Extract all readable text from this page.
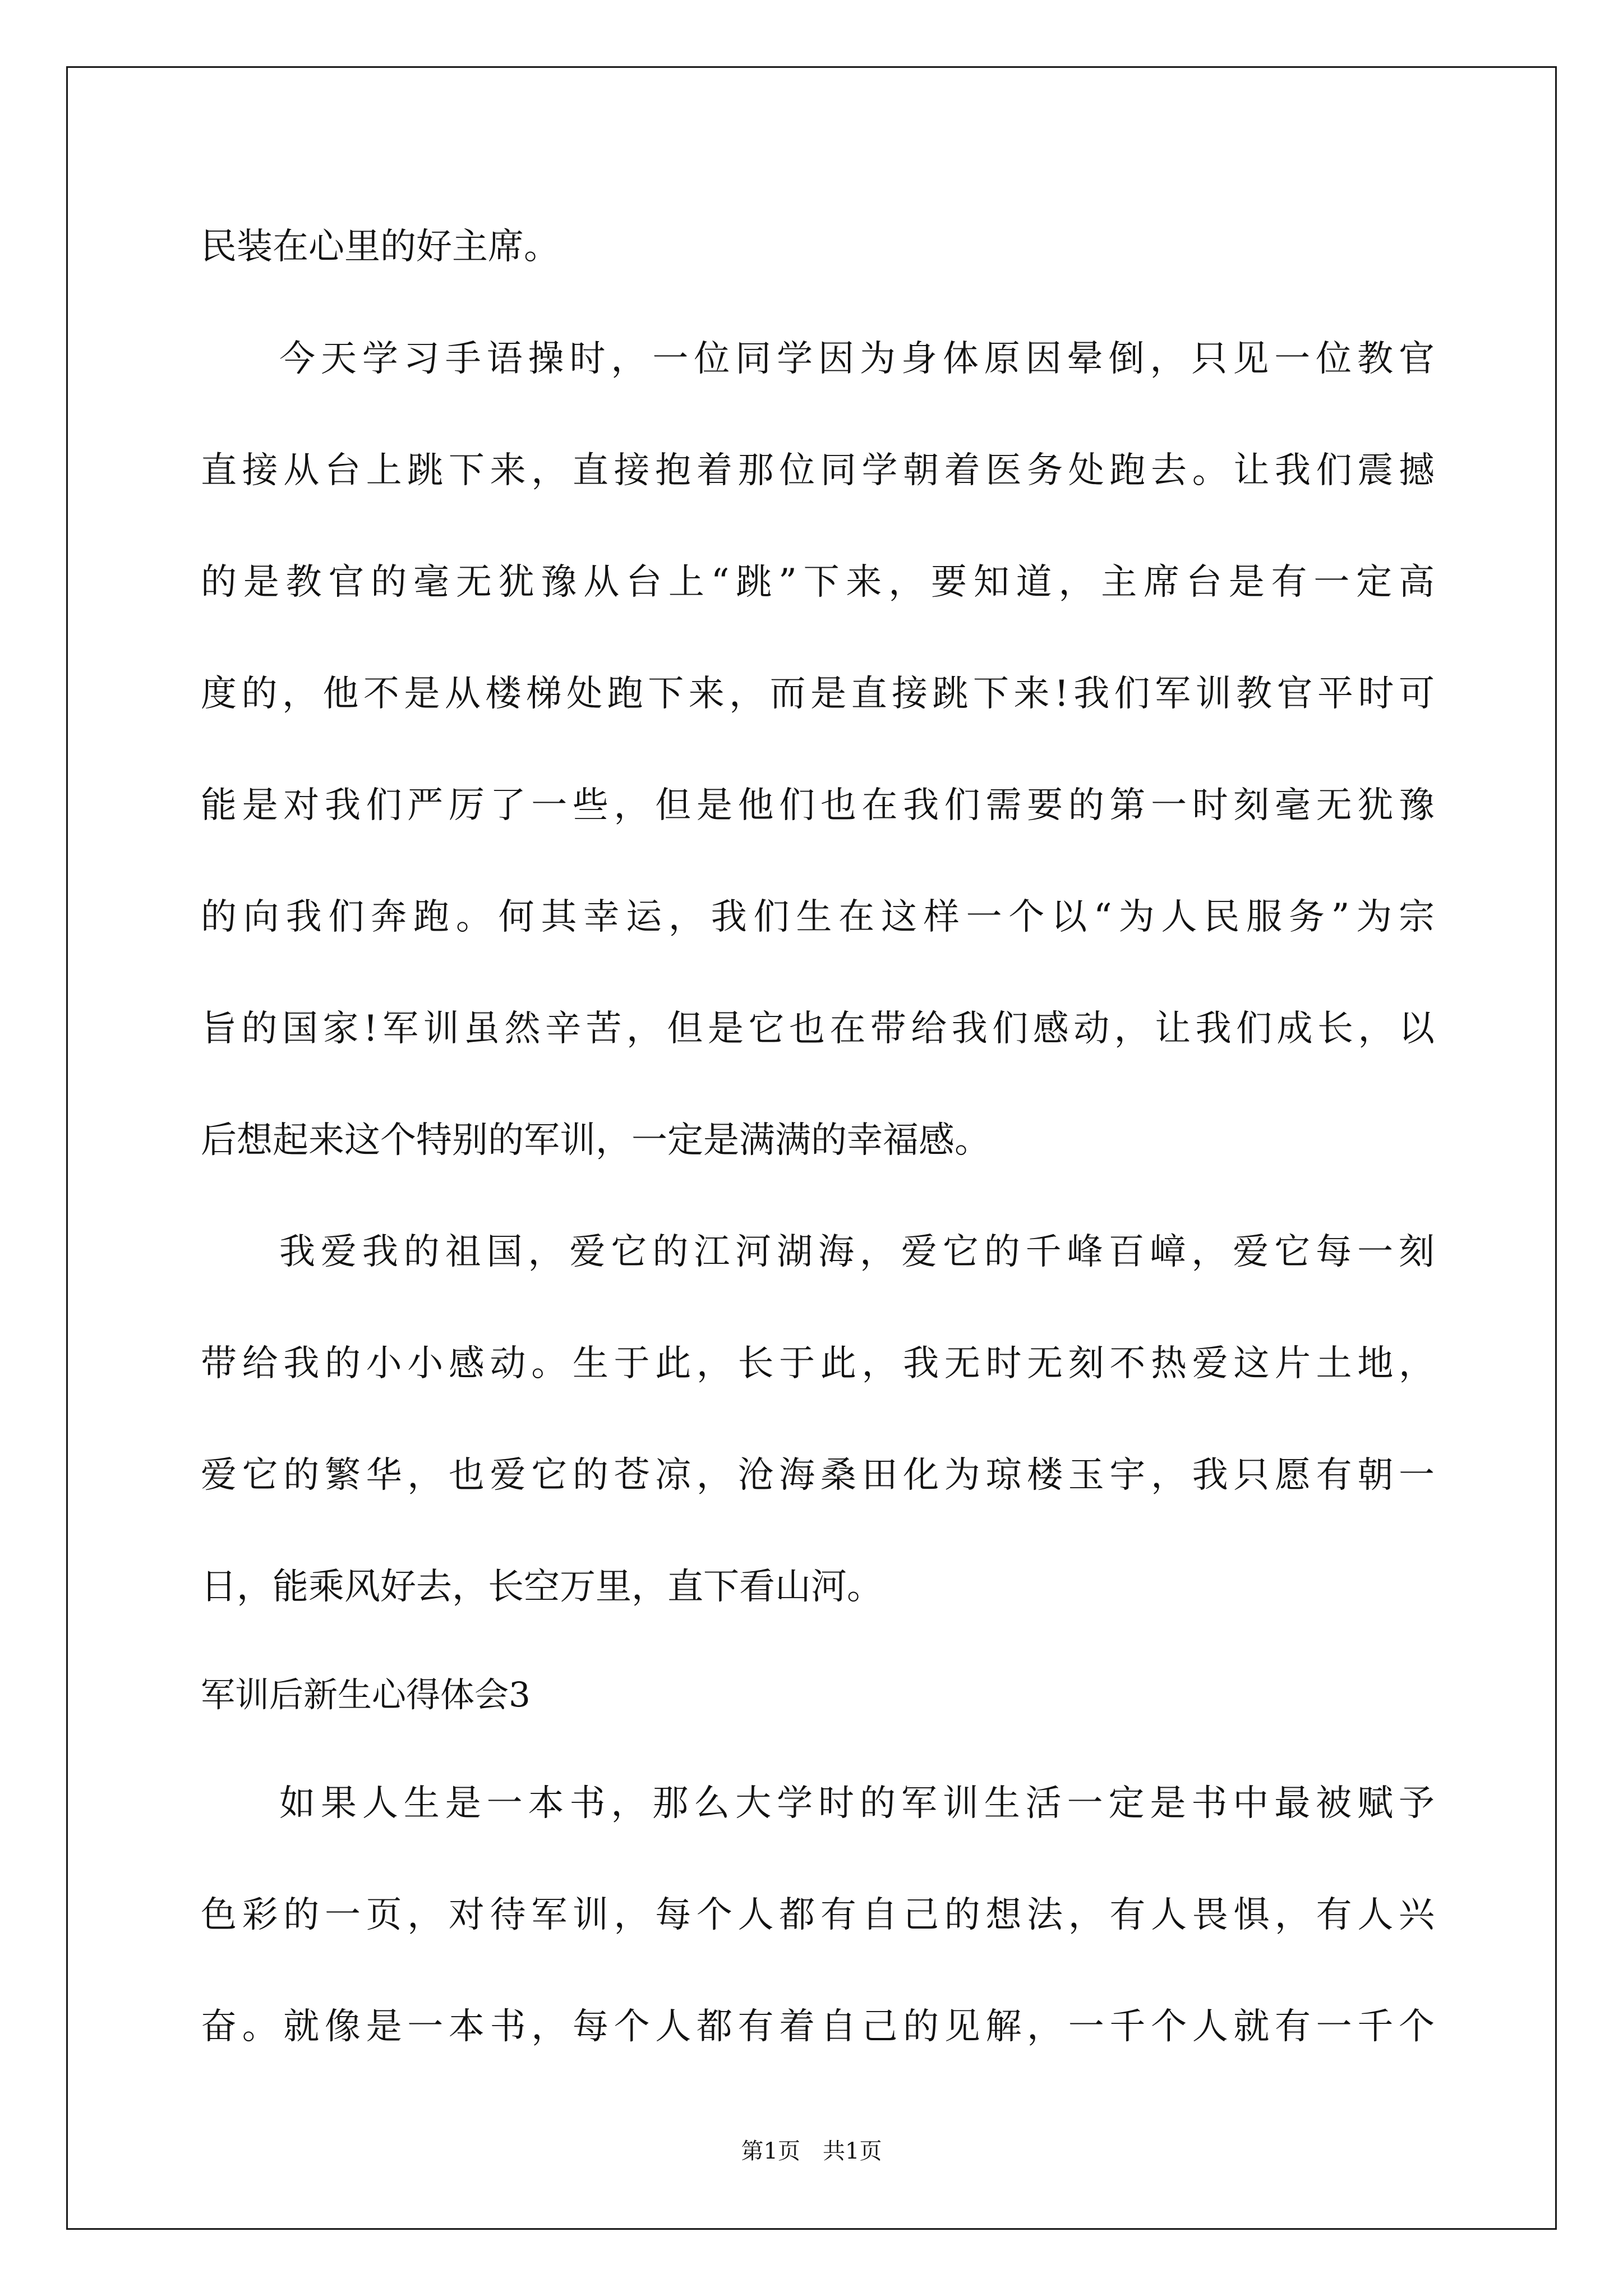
民装在心里的好主席。
今天学习手语操时，一位同学因为身体原因晕倒，只见一位教官
直接从台上跳下来，直接抱着那位同学朝着医务处跑去。让我们震撼
的是教官的毫无犹豫从台上“跳”下来，要知道，主席台是有一定高
度的，他不是从楼梯处跑下来，而是直接跳下来!我们军训教官平时可
能是对我们严厉了一些，但是他们也在我们需要的第一时刻毫无犹豫
的向我们奔跑。何其幸运，我们生在这样一个以“为人民服务”为宗
旨的国家!军训虽然辛苦，但是它也在带给我们感动，让我们成长，以
后想起来这个特别的军训，一定是满满的幸福感。
我爱我的祖国，爱它的江河湖海，爱它的千峰百嶂，爱它每一刻
带给我的小小感动。生于此，长于此，我无时无刻不热爱这片土地，
爱它的繁华，也爱它的苍凉，沧海桑田化为琼楼玉宇，我只愿有朝一
日，能乘风好去，长空万里，直下看山河。
军训后新生心得体会3
如果人生是一本书，那么大学时的军训生活一定是书中最被赋予
色彩的一页，对待军训，每个人都有自己的想法，有人畏惧，有人兴
奋。就像是一本书，每个人都有着自己的见解，一千个人就有一千个
第1页　共1页
